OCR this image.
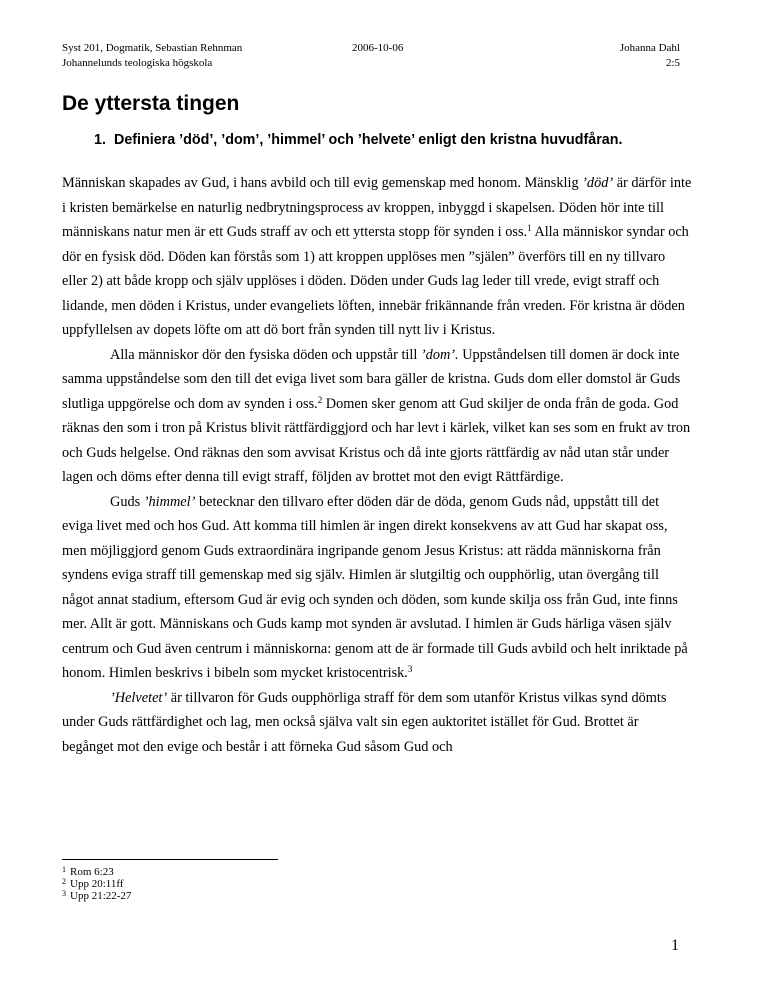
Syst 201, Dogmatik, Sebastian Rehnman
Johannelunds teologiska högskola
2006-10-06	Johanna Dahl
2:5
De yttersta tingen
1. Definiera ’död’, ’dom’, ’himmel’ och ’helvete’ enligt den kristna huvudfåran.

Människan skapades av Gud, i hans avbild och till evig gemenskap med honom. Mänsklig ’död’ är därför inte i kristen bemärkelse en naturlig nedbrytningsprocess av kroppen, inbyggd i skapelsen. Döden hör inte till människans natur men är ett Guds straff av och ett yttersta stopp för synden i oss.$^1$ Alla människor syndar och dör en fysisk död. Döden kan förstås som 1) att kroppen upplöses men ”själen” överförs till en ny tillvaro eller 2) att både kropp och själv upplöses i döden. Döden under Guds lag leder till vrede, evigt straff och lidande, men döden i Kristus, under evangeliets löften, innebär frikännande från vreden. För kristna är döden uppfyllelsen av dopets löfte om att dö bort från synden till nytt liv i Kristus.

Alla människor dör den fysiska döden och uppstår till ’dom’. Uppståndelsen till domen är dock inte samma uppståndelse som den till det eviga livet som bara gäller de kristna. Guds dom eller domstol är Guds slutliga uppgörelse och dom av synden i oss.$^2$ Domen sker genom att Gud skiljer de onda från de goda. God räknas den som i tron på Kristus blivit rättfärdiggjord och har levt i kärlek, vilket kan ses som en frukt av tron och Guds helgelse. Ond räknas den som avvisat Kristus och då inte gjorts rättfärdig av nåd utan står under lagen och döms efter denna till evigt straff, följden av brottet mot den evigt Rättfärdige.

Guds ’himmel’ betecknar den tillvaro efter döden där de döda, genom Guds nåd, uppstått till det eviga livet med och hos Gud. Att komma till himlen är ingen direkt konsekvens av att Gud har skapat oss, men möjliggjord genom Guds extraordinära ingripande genom Jesus Kristus: att rädda människorna från syndens eviga straff till gemenskap med sig själv. Himlen är slutgiltig och oupphörlig, utan övergång till något annat stadium, eftersom Gud är evig och synden och döden, som kunde skilja oss från Gud, inte finns mer. Allt är gott. Människans och Guds kamp mot synden är avslutad. I himlen är Guds härliga väsen själv centrum och Gud även centrum i människorna: genom att de är formade till Guds avbild och helt inriktade på honom. Himlen beskrivs i bibeln som mycket kristocentrisk.$^3$

’Helvetet’ är tillvaron för Guds oupphörliga straff för dem som utanför Kristus vilkas synd dömts under Guds rättfärdighet och lag, men också själva valt sin egen auktoritet istället för Gud. Brottet är begånget mot den evige och består i att förneka Gud såsom Gud och

$^1$ Rom 6:23
$^2$ Upp 20:11ff
$^3$ Upp 21:22-27
1
